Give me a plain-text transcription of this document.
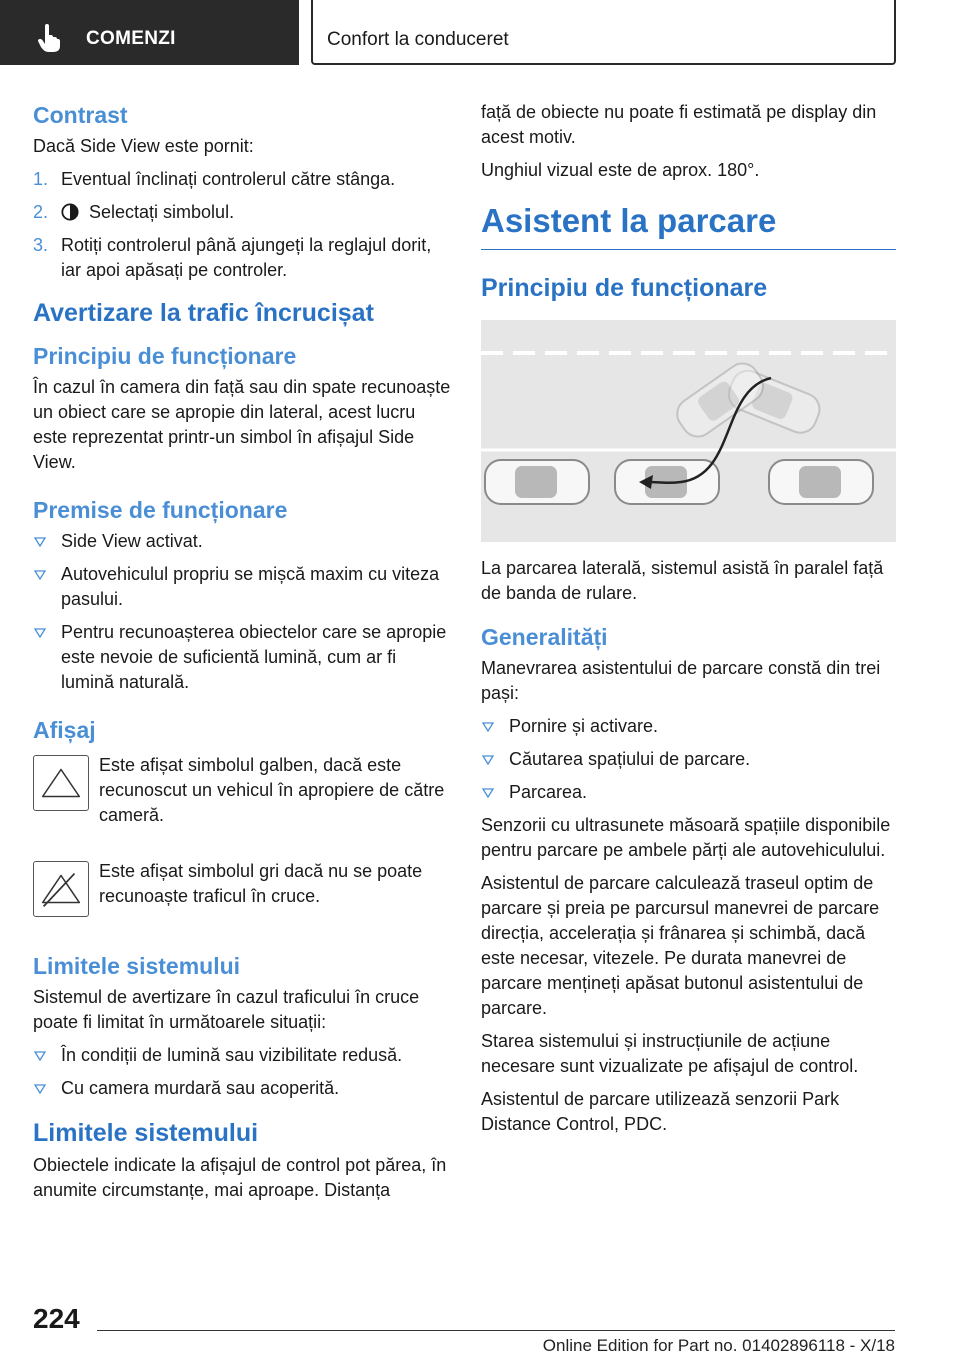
COMENZI	Confort la conduceret
Contrast
Dacă Side View este pornit:
1. Eventual înclinați controlerul către stânga.
2. Selectați simbolul.
3. Rotiți controlerul până ajungeți la reglajul dorit, iar apoi apăsați pe controler.
Avertizare la trafic încrucișat
Principiu de funcționare
În cazul în camera din față sau din spate recunoaște un obiect care se apropie din lateral, acest lucru este reprezentat printr-un simbol în afișajul Side View.
Premise de funcționare
Side View activat.
Autovehiculul propriu se mișcă maxim cu viteza pasului.
Pentru recunoașterea obiectelor care se apropie este nevoie de suficientă lumină, cum ar fi lumină naturală.
Afișaj
Este afișat simbolul galben, dacă este recunoscut un vehicul în apropiere de către cameră.
Este afișat simbolul gri dacă nu se poate recunoaște traficul în cruce.
Limitele sistemului
Sistemul de avertizare în cazul traficului în cruce poate fi limitat în următoarele situații:
În condiții de lumină sau vizibilitate redusă.
Cu camera murdară sau acoperită.
Limitele sistemului
Obiectele indicate la afișajul de control pot părea, în anumite circumstanțe, mai aproape. Distanța
față de obiecte nu poate fi estimată pe display din acest motiv.
Unghiul vizual este de aprox. 180°.
Asistent la parcare
Principiu de funcționare
La parcarea laterală, sistemul asistă în paralel față de banda de rulare.
Generalități
Manevrarea asistentului de parcare constă din trei pași:
Pornire și activare.
Căutarea spațiului de parcare.
Parcarea.
Senzorii cu ultrasunete măsoară spațiile disponibile pentru parcare pe ambele părți ale autovehiculului.
Asistentul de parcare calculează traseul optim de parcare și preia pe parcursul manevrei de parcare direcția, accelerația și frânarea și schimbă, dacă este necesar, vitezele. Pe durata manevrei de parcare mențineți apăsat butonul asistentului de parcare.
Starea sistemului și instrucțiunile de acțiune necesare sunt vizualizate pe afișajul de control.
Asistentul de parcare utilizează senzorii Park Distance Control, PDC.
224
Online Edition for Part no. 01402896118 - X/18
